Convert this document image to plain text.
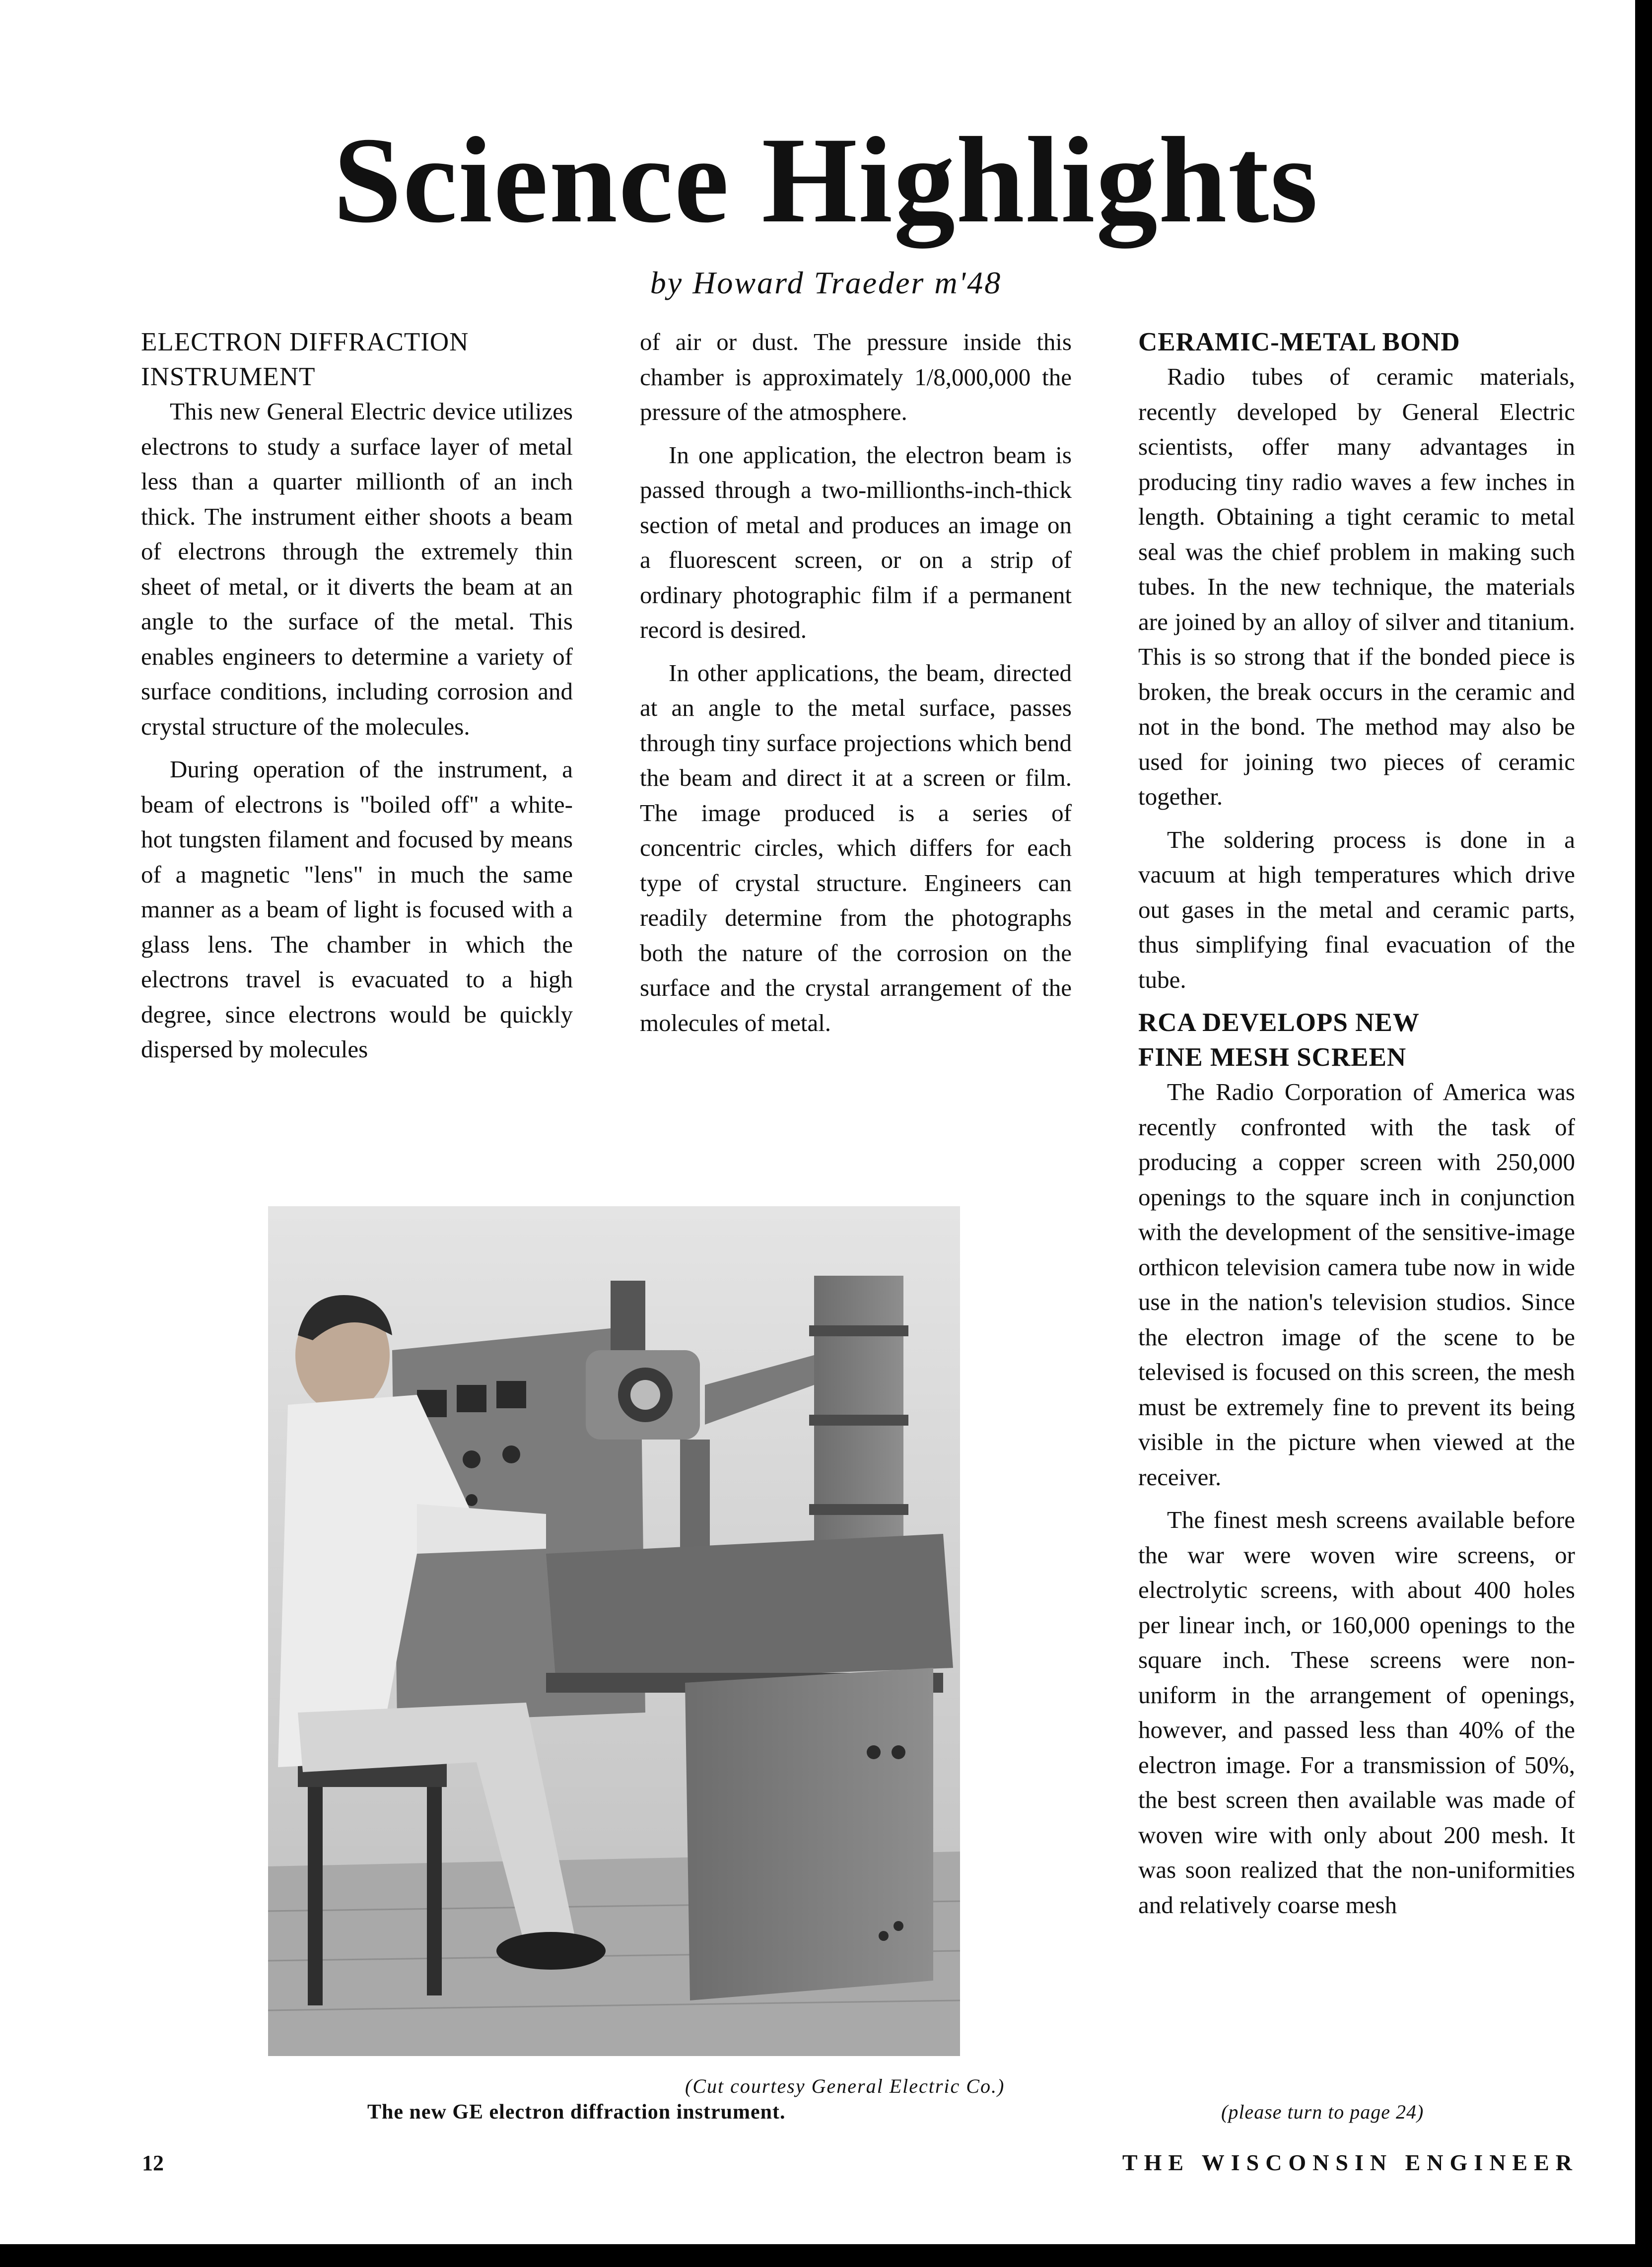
Science Highlights

by Howard Traeder m'48

ELECTRON DIFFRACTION INSTRUMENT

This new General Electric device utilizes electrons to study a surface layer of metal less than a quarter millionth of an inch thick. The instrument either shoots a beam of electrons through the extremely thin sheet of metal, or it diverts the beam at an angle to the surface of the metal. This enables engineers to determine a variety of surface conditions, including corrosion and crystal structure of the molecules.

During operation of the instrument, a beam of electrons is "boiled off" a white-hot tungsten filament and focused by means of a magnetic "lens" in much the same manner as a beam of light is focused with a glass lens. The chamber in which the electrons travel is evacuated to a high degree, since electrons would be quickly dispersed by molecules

of air or dust. The pressure inside this chamber is approximately 1/8,000,000 the pressure of the atmosphere.

In one application, the electron beam is passed through a two-millionths-inch-thick section of metal and produces an image on a fluorescent screen, or on a strip of ordinary photographic film if a permanent record is desired.

In other applications, the beam, directed at an angle to the metal surface, passes through tiny surface projections which bend the beam and direct it at a screen or film. The image produced is a series of concentric circles, which differs for each type of crystal structure. Engineers can readily determine from the photographs both the nature of the corrosion on the surface and the crystal arrangement of the molecules of metal.

CERAMIC-METAL BOND

Radio tubes of ceramic materials, recently developed by General Electric scientists, offer many advantages in producing tiny radio waves a few inches in length. Obtaining a tight ceramic to metal seal was the chief problem in making such tubes. In the new technique, the materials are joined by an alloy of silver and titanium. This is so strong that if the bonded piece is broken, the break occurs in the ceramic and not in the bond. The method may also be used for joining two pieces of ceramic together.

The soldering process is done in a vacuum at high temperatures which drive out gases in the metal and ceramic parts, thus simplifying final evacuation of the tube.

RCA DEVELOPS NEW
FINE MESH SCREEN

The Radio Corporation of America was recently confronted with the task of producing a copper screen with 250,000 openings to the square inch in conjunction with the development of the sensitive-image orthicon television camera tube now in wide use in the nation's television studios. Since the electron image of the scene to be televised is focused on this screen, the mesh must be extremely fine to prevent its being visible in the picture when viewed at the receiver.

The finest mesh screens available before the war were woven wire screens, or electrolytic screens, with about 400 holes per linear inch, or 160,000 openings to the square inch. These screens were non-uniform in the arrangement of openings, however, and passed less than 40% of the electron image. For a transmission of 50%, the best screen then available was made of woven wire with only about 200 mesh. It was soon realized that the non-uniformities and relatively coarse mesh

(Cut courtesy General Electric Co.)

The new GE electron diffraction instrument.	(please turn to page 24)

12	THE WISCONSIN ENGINEER
